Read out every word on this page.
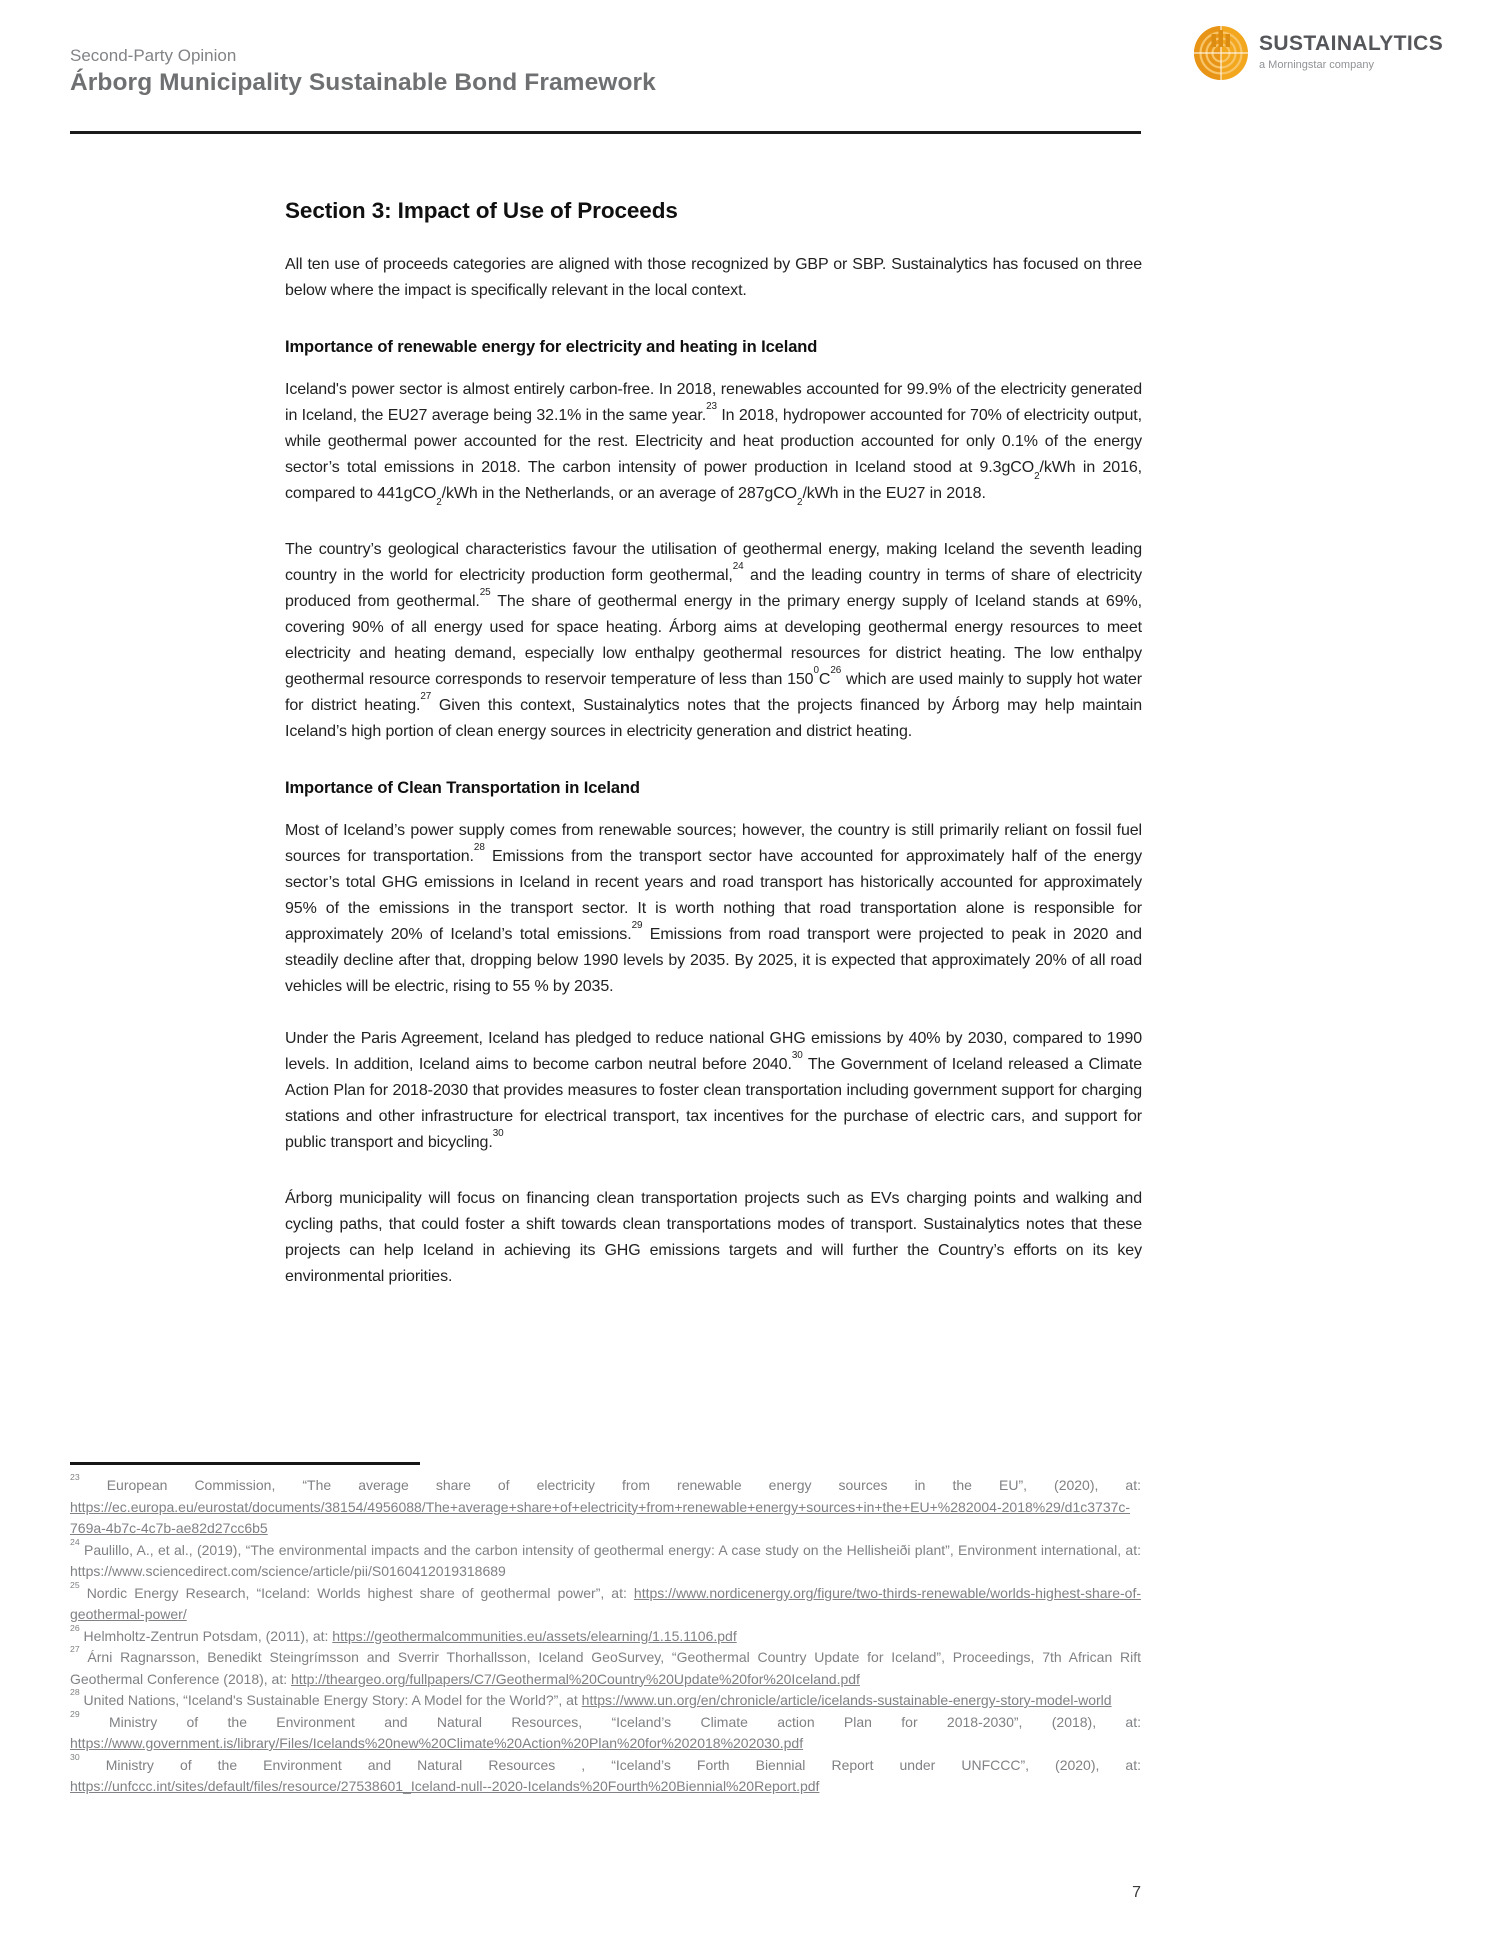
Second-Party Opinion

Árborg Municipality Sustainable Bond Framework
SUSTAINALYTICS
a Morningstar company
Section 3: Impact of Use of Proceeds

All ten use of proceeds categories are aligned with those recognized by GBP or SBP. Sustainalytics has focused on three below where the impact is specifically relevant in the local context.

Importance of renewable energy for electricity and heating in Iceland

Iceland's power sector is almost entirely carbon-free. In 2018, renewables accounted for 99.9% of the electricity generated in Iceland, the EU27 average being 32.1% in the same year.$^{23}$ In 2018, hydropower accounted for 70% of electricity output, while geothermal power accounted for the rest. Electricity and heat production accounted for only 0.1% of the energy sector’s total emissions in 2018. The carbon intensity of power production in Iceland stood at 9.3gCO$_2$/kWh in 2016, compared to 441gCO$_2$/kWh in the Netherlands, or an average of 287gCO$_2$/kWh in the EU27 in 2018.

The country’s geological characteristics favour the utilisation of geothermal energy, making Iceland the seventh leading country in the world for electricity production form geothermal,$^{24}$ and the leading country in terms of share of electricity produced from geothermal.$^{25}$ The share of geothermal energy in the primary energy supply of Iceland stands at 69%, covering 90% of all energy used for space heating. Árborg aims at developing geothermal energy resources to meet electricity and heating demand, especially low enthalpy geothermal resources for district heating. The low enthalpy geothermal resource corresponds to reservoir temperature of less than $150^0C^{26}$ which are used mainly to supply hot water for district heating.$^{27}$ Given this context, Sustainalytics notes that the projects financed by Árborg may help maintain Iceland’s high portion of clean energy sources in electricity generation and district heating.

Importance of Clean Transportation in Iceland

Most of Iceland’s power supply comes from renewable sources; however, the country is still primarily reliant on fossil fuel sources for transportation.$^{28}$ Emissions from the transport sector have accounted for approximately half of the energy sector’s total GHG emissions in Iceland in recent years and road transport has historically accounted for approximately 95% of the emissions in the transport sector. It is worth nothing that road transportation alone is responsible for approximately 20% of Iceland’s total emissions.$^{29}$ Emissions from road transport were projected to peak in 2020 and steadily decline after that, dropping below 1990 levels by 2035. By 2025, it is expected that approximately 20% of all road vehicles will be electric, rising to 55 % by 2035.

Under the Paris Agreement, Iceland has pledged to reduce national GHG emissions by 40% by 2030, compared to 1990 levels. In addition, Iceland aims to become carbon neutral before 2040.30 The Government of Iceland released a Climate Action Plan for 2018-2030 that provides measures to foster clean transportation including government support for charging stations and other infrastructure for electrical transport, tax incentives for the purchase of electric cars, and support for public transport and bicycling.$^{30}$

Árborg municipality will focus on financing clean transportation projects such as EVs charging points and walking and cycling paths, that could foster a shift towards clean transportations modes of transport. Sustainalytics notes that these projects can help Iceland in achieving its GHG emissions targets and will further the Country’s efforts on its key environmental priorities.

$^{23}$ European Commission, “The average share of electricity from renewable energy sources in the EU”, (2020), at: https://ec.europa.eu/eurostat/documents/38154/4956088/The+average+share+of+electricity+from+renewable+energy+sources+in+the+EU+%282004-2018%29/d1c3737c-769a-4b7c-4c7b-ae82d27cc6b5
$^{24}$ Paulillo, A., et al., (2019), “The environmental impacts and the carbon intensity of geothermal energy: A case study on the Hellisheiði plant”, Environment international, at: https://www.sciencedirect.com/science/article/pii/S0160412019318689
$^{25}$ Nordic Energy Research, “Iceland: Worlds highest share of geothermal power”, at: https://www.nordicenergy.org/figure/two-thirds-renewable/worlds-highest-share-of-geothermal-power/
$^{26}$ Helmholtz-Zentrun Potsdam, (2011), at: https://geothermalcommunities.eu/assets/elearning/1.15.1106.pdf
$^{27}$ Árni Ragnarsson, Benedikt Steingrímsson and Sverrir Thorhallsson, Iceland GeoSurvey, “Geothermal Country Update for Iceland”, Proceedings, 7th African Rift Geothermal Conference (2018), at: http://theargeo.org/fullpapers/C7/Geothermal%20Country%20Update%20for%20Iceland.pdf
$^{28}$ United Nations, “Iceland's Sustainable Energy Story: A Model for the World?”, at https://www.un.org/en/chronicle/article/icelands-sustainable-energy-story-model-world
$^{29}$ Ministry of the Environment and Natural Resources, “Iceland’s Climate action Plan for 2018-2030”, (2018), at: https://www.government.is/library/Files/Icelands%20new%20Climate%20Action%20Plan%20for%202018%202030.pdf
$^{30}$ Ministry of the Environment and Natural Resources , “Iceland’s Forth Biennial Report under UNFCCC”, (2020), at: https://unfccc.int/sites/default/files/resource/27538601_Iceland-null--2020-Icelands%20Fourth%20Biennial%20Report.pdf
7
